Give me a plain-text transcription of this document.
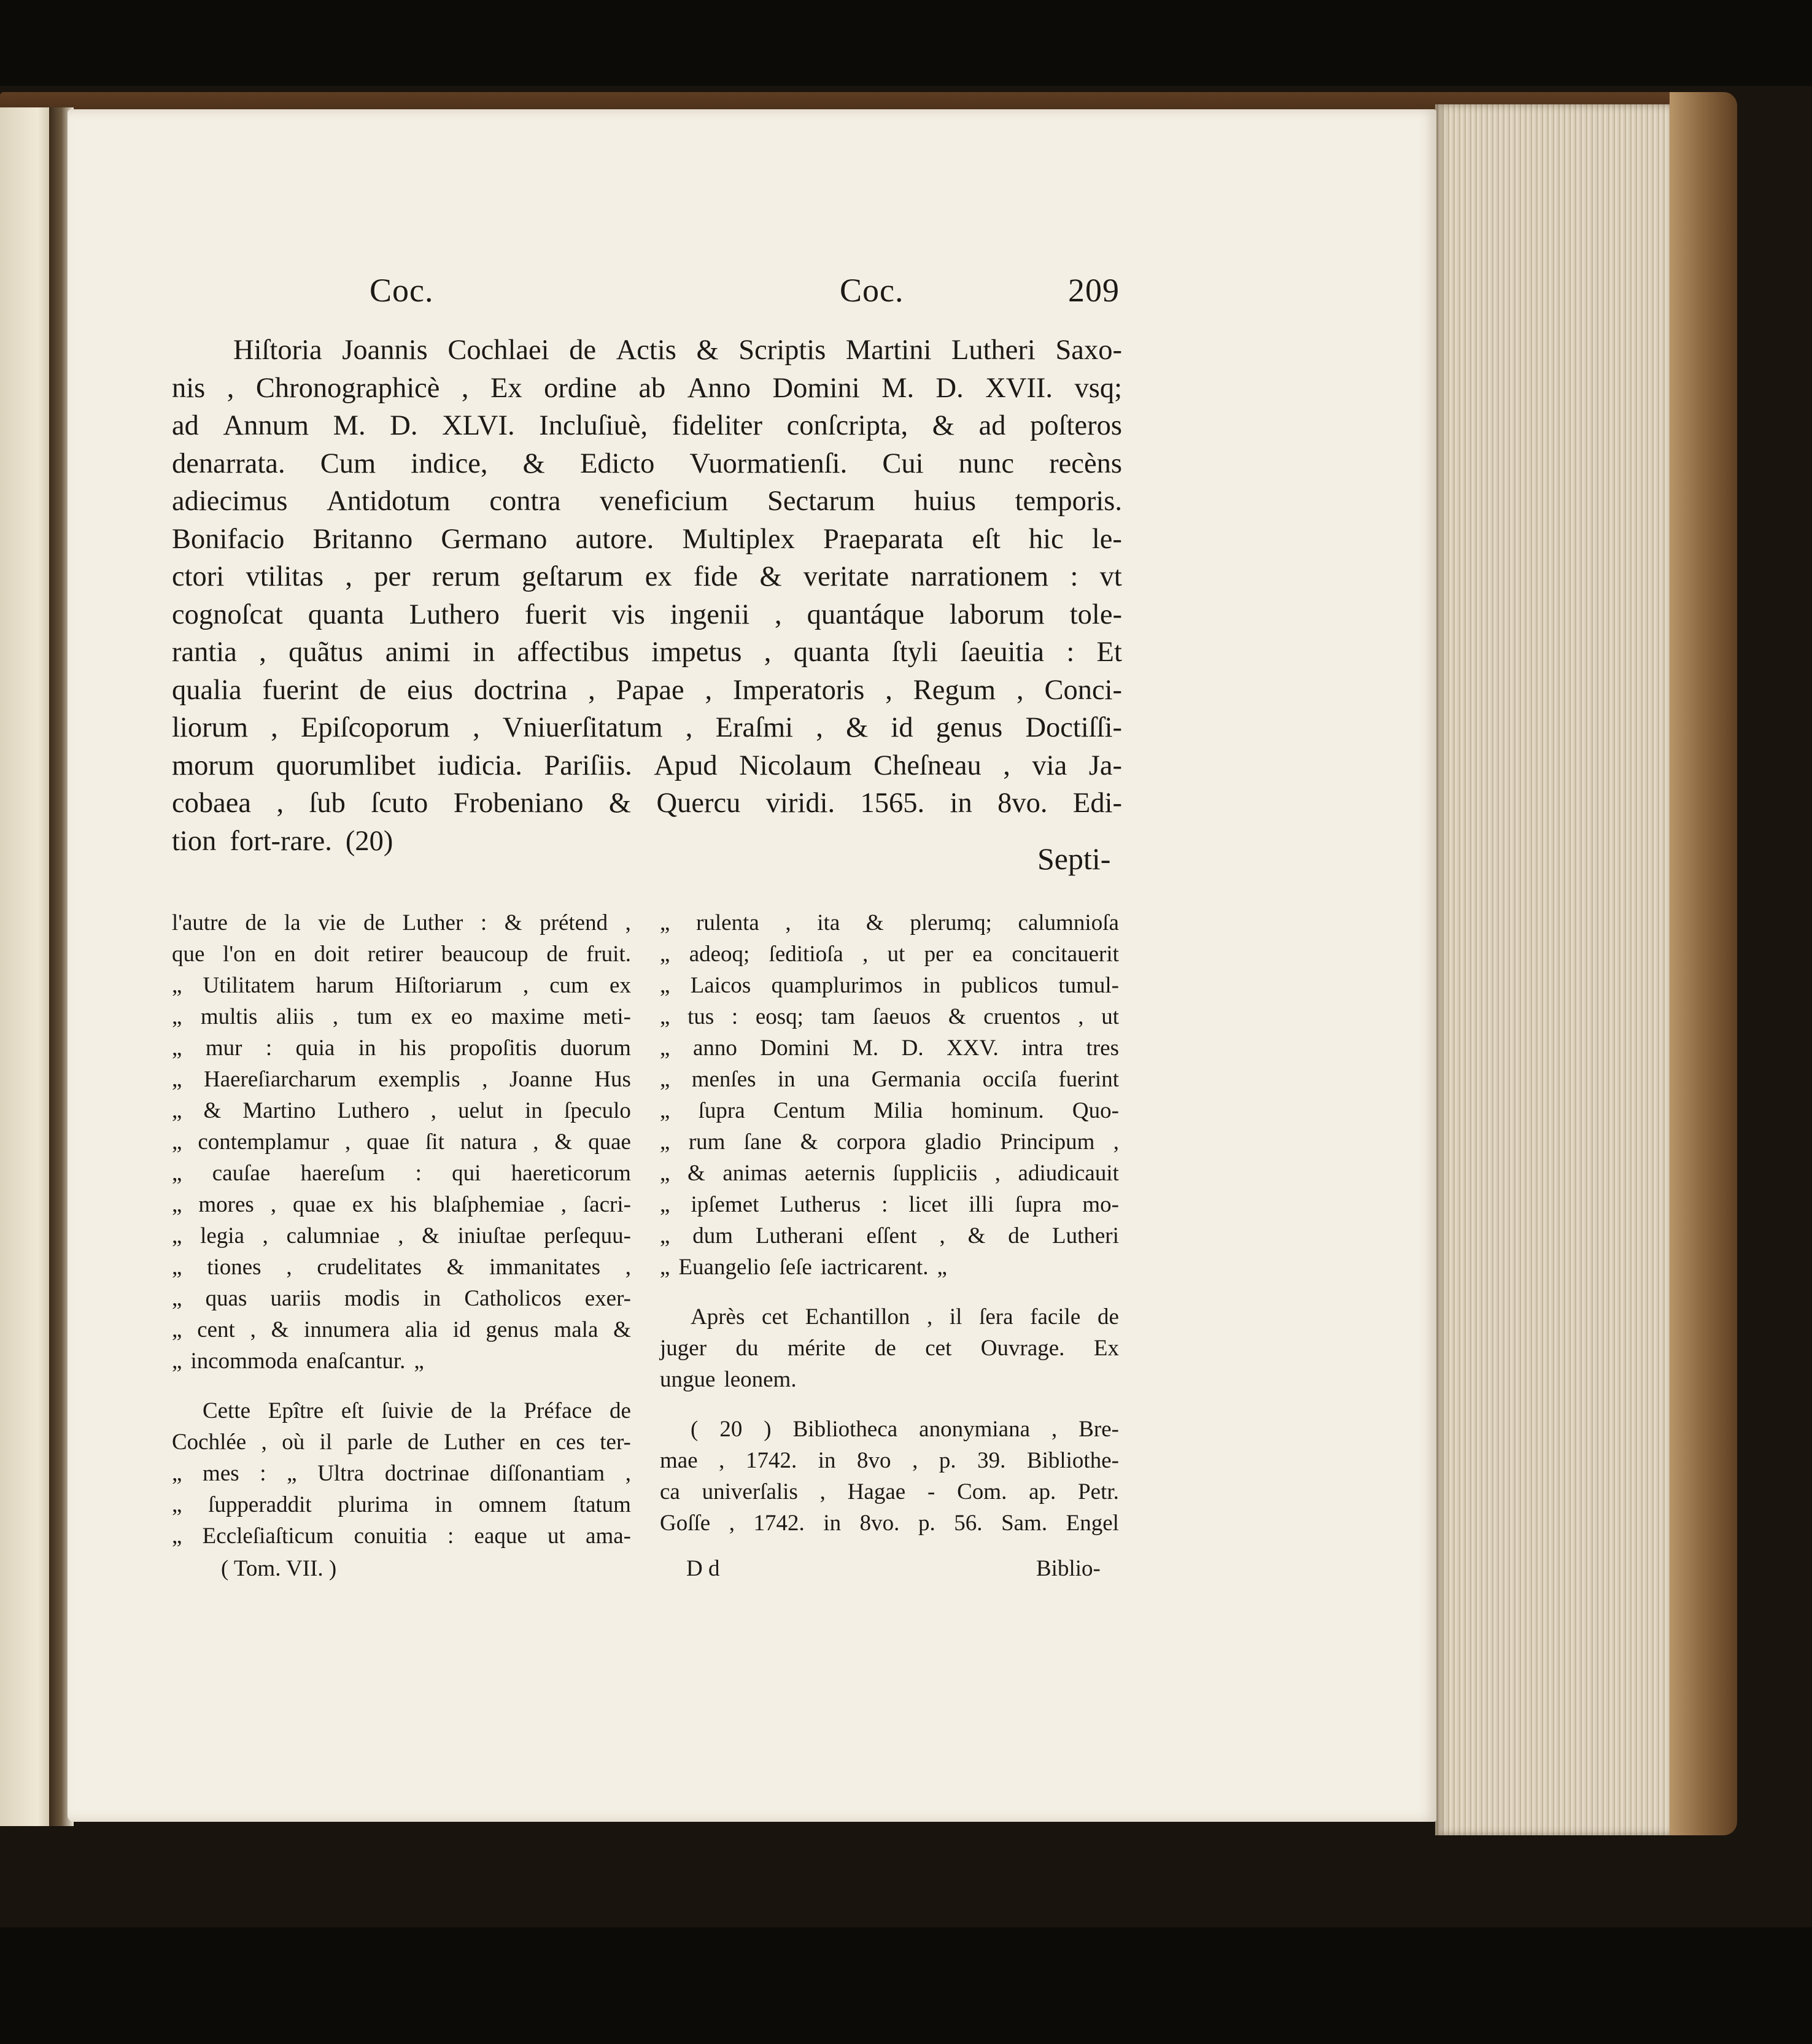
Coc.	Coc.	209
Hiſtoria Joannis Cochlaei de Actis & Scriptis Martini Lutheri Saxo-
nis , Chronographicè , Ex ordine ab Anno Domini M. D. XVII. vsq;
ad Annum M. D. XLVI. Incluſiuè, fideliter conſcripta, & ad poſteros
denarrata. Cum indice, & Edicto Vuormatienſi. Cui nunc recèns
adiecimus Antidotum contra veneficium Sectarum huius temporis.
Bonifacio Britanno Germano autore. Multiplex Praeparata eſt hic le-
ctori vtilitas , per rerum geſtarum ex fide & veritate narrationem : vt
cognoſcat quanta Luthero fuerit vis ingenii , quantáque laborum tole-
rantia , quãtus animi in affectibus impetus , quanta ſtyli ſaeuitia : Et
qualia fuerint de eius doctrina , Papae , Imperatoris , Regum , Conci-
liorum , Epiſcoporum , Vniuerſitatum , Eraſmi , & id genus Doctiſſi-
morum quorumlibet iudicia. Pariſiis. Apud Nicolaum Cheſneau , via Ja-
cobaea , ſub ſcuto Frobeniano & Quercu viridi. 1565. in 8vo. Edi-
tion fort-rare. (20)
Septi-
l'autre de la vie de Luther : & prétend ,
que l'on en doit retirer beaucoup de fruit.
„ Utilitatem harum Hiſtoriarum , cum ex
„ multis aliis , tum ex eo maxime meti-
„ mur : quia in his propoſitis duorum
„ Haereſiarcharum exemplis , Joanne Hus
„ & Martino Luthero , uelut in ſpeculo
„ contemplamur , quae ſit natura , & quae
„ cauſae haereſum : qui haereticorum
„ mores , quae ex his blaſphemiae , ſacri-
„ legia , calumniae , & iniuſtae perſequu-
„ tiones , crudelitates & immanitates ,
„ quas uariis modis in Catholicos exer-
„ cent , & innumera alia id genus mala &
„ incommoda enaſcantur. „
Cette Epître eſt ſuivie de la Préface de
Cochlée , où il parle de Luther en ces ter-
„ mes : „ Ultra doctrinae diſſonantiam ,
„ ſupperaddit plurima in omnem ſtatum
„ Eccleſiaſticum conuitia : eaque ut ama-
„ rulenta , ita & plerumq; calumnioſa
„ adeoq; ſeditioſa , ut per ea concitauerit
„ Laicos quamplurimos in publicos tumul-
„ tus : eosq; tam ſaeuos & cruentos , ut
„ anno Domini M. D. XXV. intra tres
„ menſes in una Germania occiſa fuerint
„ ſupra Centum Milia hominum. Quo-
„ rum ſane & corpora gladio Principum ,
„ & animas aeternis ſuppliciis , adiudicauit
„ ipſemet Lutherus : licet illi ſupra mo-
„ dum Lutherani eſſent , & de Lutheri
„ Euangelio ſeſe iactricarent. „
Après cet Echantillon , il ſera facile de
juger du mérite de cet Ouvrage. Ex
ungue leonem.
( 20 ) Bibliotheca anonymiana , Bre-
mae , 1742. in 8vo , p. 39. Bibliothe-
ca univerſalis , Hagae - Com. ap. Petr.
Goſſe , 1742. in 8vo. p. 56. Sam. Engel
( Tom. VII. )	D d	Biblio-
